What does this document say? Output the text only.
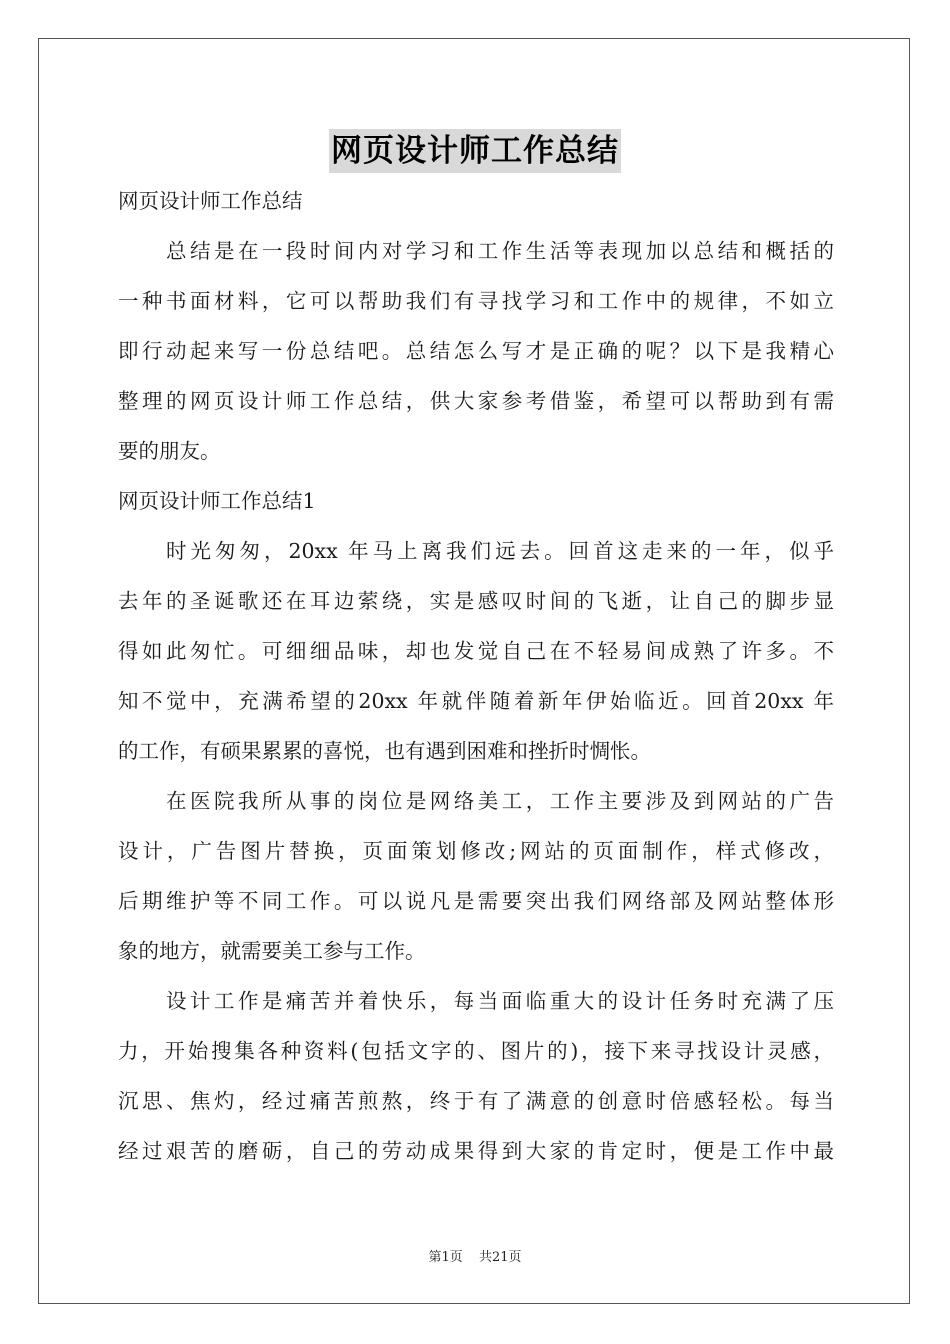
网页设计师工作总结
网页设计师工作总结
总结是在一段时间内对学习和工作生活等表现加以总结和概括的
一种书面材料，它可以帮助我们有寻找学习和工作中的规律，不如立
即行动起来写一份总结吧。总结怎么写才是正确的呢？以下是我精心
整理的网页设计师工作总结，供大家参考借鉴，希望可以帮助到有需
要的朋友。
网页设计师工作总结1
时光匆匆，20xx 年马上离我们远去。回首这走来的一年，似乎
去年的圣诞歌还在耳边萦绕，实是感叹时间的飞逝，让自己的脚步显
得如此匆忙。可细细品味，却也发觉自己在不轻易间成熟了许多。不
知不觉中，充满希望的20xx 年就伴随着新年伊始临近。回首20xx 年
的工作，有硕果累累的喜悦，也有遇到困难和挫折时惆怅。
在医院我所从事的岗位是网络美工，工作主要涉及到网站的广告
设计，广告图片替换，页面策划修改;网站的页面制作，样式修改，
后期维护等不同工作。可以说凡是需要突出我们网络部及网站整体形
象的地方，就需要美工参与工作。
设计工作是痛苦并着快乐，每当面临重大的设计任务时充满了压
力，开始搜集各种资料(包括文字的、图片的)，接下来寻找设计灵感，
沉思、焦灼，经过痛苦煎熬，终于有了满意的创意时倍感轻松。每当
经过艰苦的磨砺，自己的劳动成果得到大家的肯定时，便是工作中最
第1页 共21页
